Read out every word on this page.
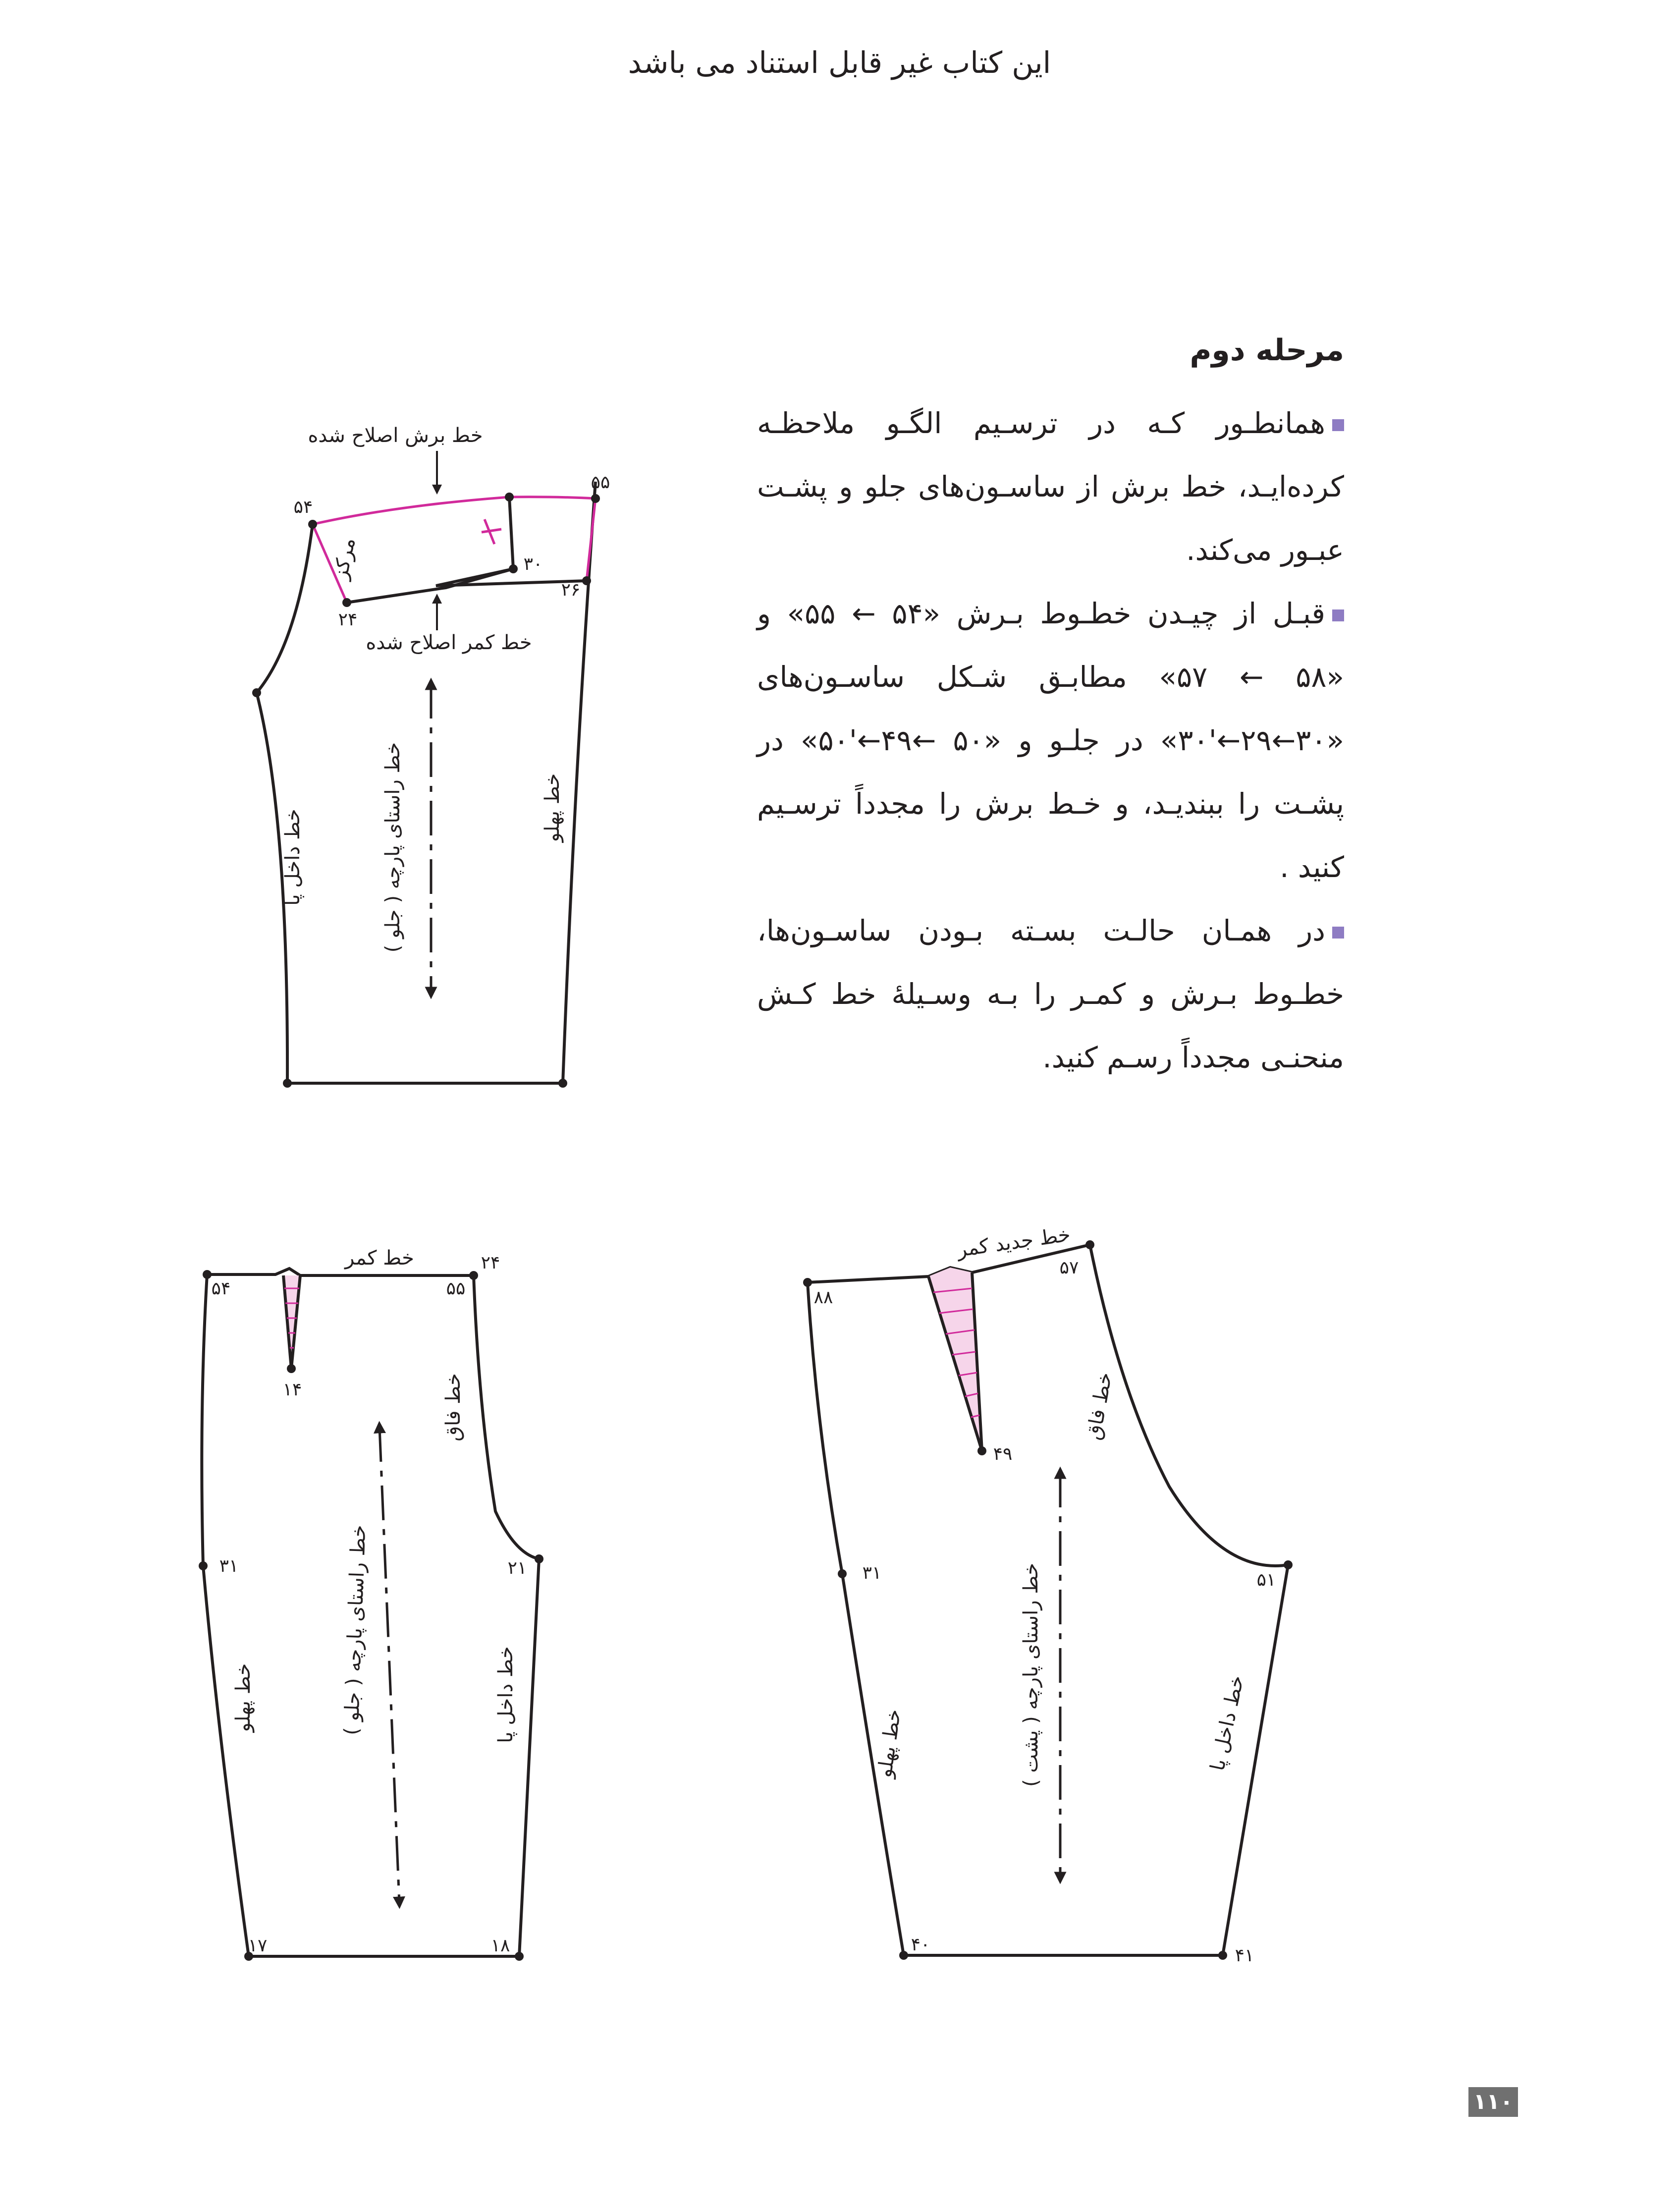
این کتاب غیر قابل استناد می باشد
مرحله دوم

همانطـور کـه در ترسـیم الگـو ملاحظـه کرده‌ایـد، خط برش از ساسـون‌های جلو و پشـت عبـور می‌کند.

قبـل از چیـدن خطـوط بـرش «۵۴ ← ۵۵» و «۵۸ ← ۵۷» مطابـق شـکل ساسـون‌های «۳۰←۲۹←'۳۰» در جلـو و «۵۰ ←۴۹←'۵۰» در پشـت را ببندیـد، و خـط برش را مجدداً ترسـیم کنید .

در همـان حالـت بسـته بـودن ساسـون‌ها، خطـوط بـرش و کمـر را بـه وسـیلۀ خط کـش منحنـی مجدداً رسـم کنید.

خط برش اصلاح شده
خط کمر اصلاح شده
۵۴
۵۵
۲۴
۲۶
۳۰
مرکز
خط راستای پارچه ( جلو )	خط پهلو
خط داخل پا
خط کمر
۵۴	۵۵
۲۴
۱۴
۳۱	۲۱
۱۷	۱۸
خط فاق
خط راستای پارچه ( جلو )	خط داخل پا
خط پهلو
خط جدید کمر
۸۸
۵۷
۴۹
۳۱	۵۱
۴۰
۴۱
خط فاق
خط راستای پارچه ( پشت )	خط داخل پا
خط پهلو
۱۱۰
